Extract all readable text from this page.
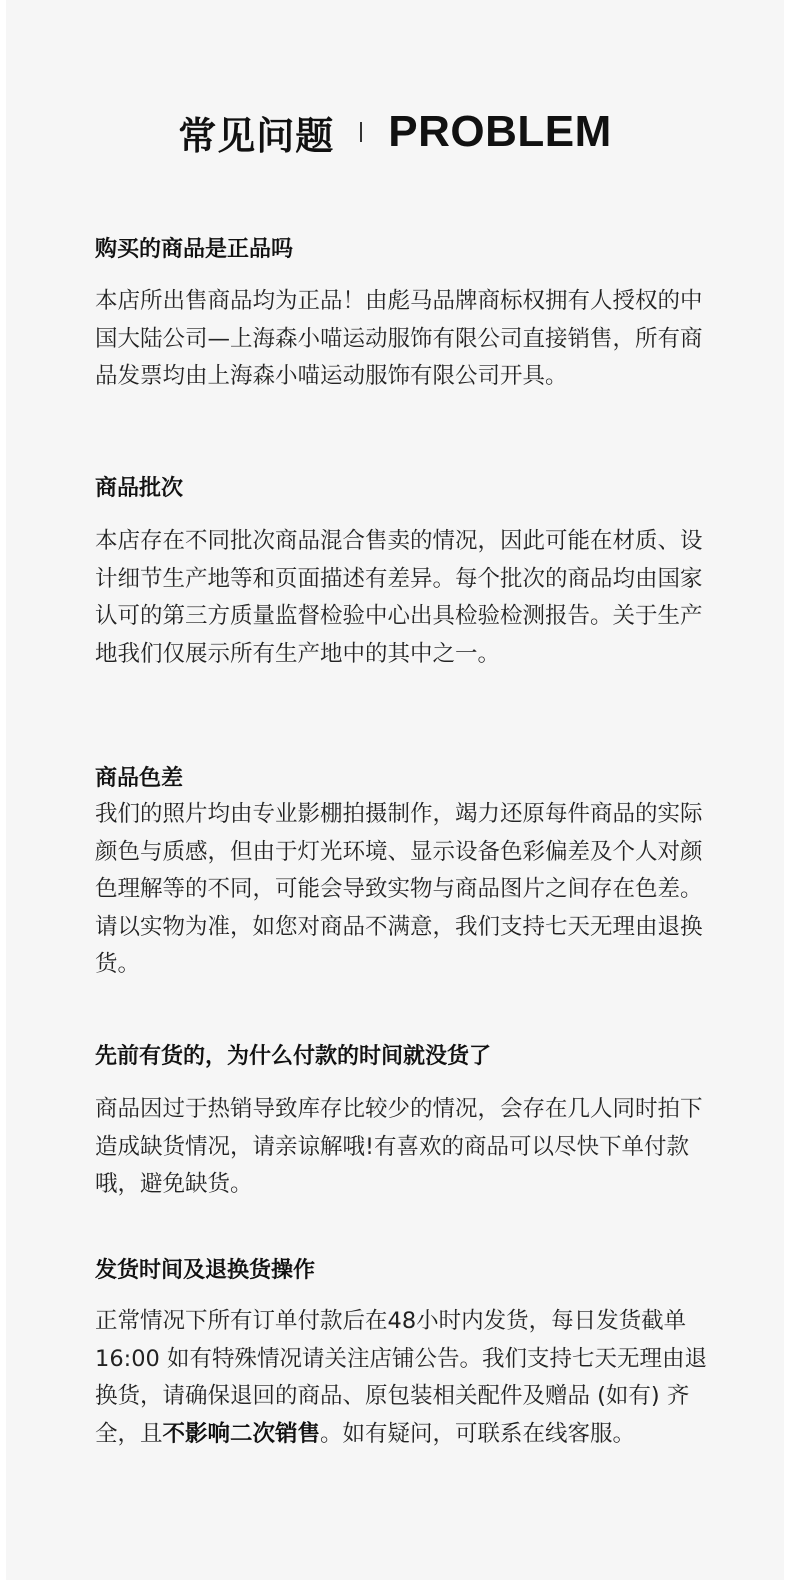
常见问题 PROBLEM

购买的商品是正品吗

本店所出售商品均为正品！由彪马品牌商标权拥有人授权的中国大陆公司—上海森小喵运动服饰有限公司直接销售，所有商品发票均由上海森小喵运动服饰有限公司开具。

商品批次

本店存在不同批次商品混合售卖的情况，因此可能在材质、设计细节生产地等和页面描述有差异。每个批次的商品均由国家认可的第三方质量监督检验中心出具检验检测报告。关于生产地我们仅展示所有生产地中的其中之一。

商品色差

我们的照片均由专业影棚拍摄制作，竭力还原每件商品的实际颜色与质感，但由于灯光环境、显示设备色彩偏差及个人对颜色理解等的不同，可能会导致实物与商品图片之间存在色差。请以实物为准，如您对商品不满意，我们支持七天无理由退换货。

先前有货的，为什么付款的时间就没货了

商品因过于热销导致库存比较少的情况，会存在几人同时拍下造成缺货情况，请亲谅解哦!有喜欢的商品可以尽快下单付款哦，避免缺货。

发货时间及退换货操作

正常情况下所有订单付款后在48小时内发货，每日发货截单16:00 如有特殊情况请关注店铺公告。我们支持七天无理由退换货，请确保退回的商品、原包装相关配件及赠品 (如有) 齐全，且不影响二次销售。如有疑问，可联系在线客服。
